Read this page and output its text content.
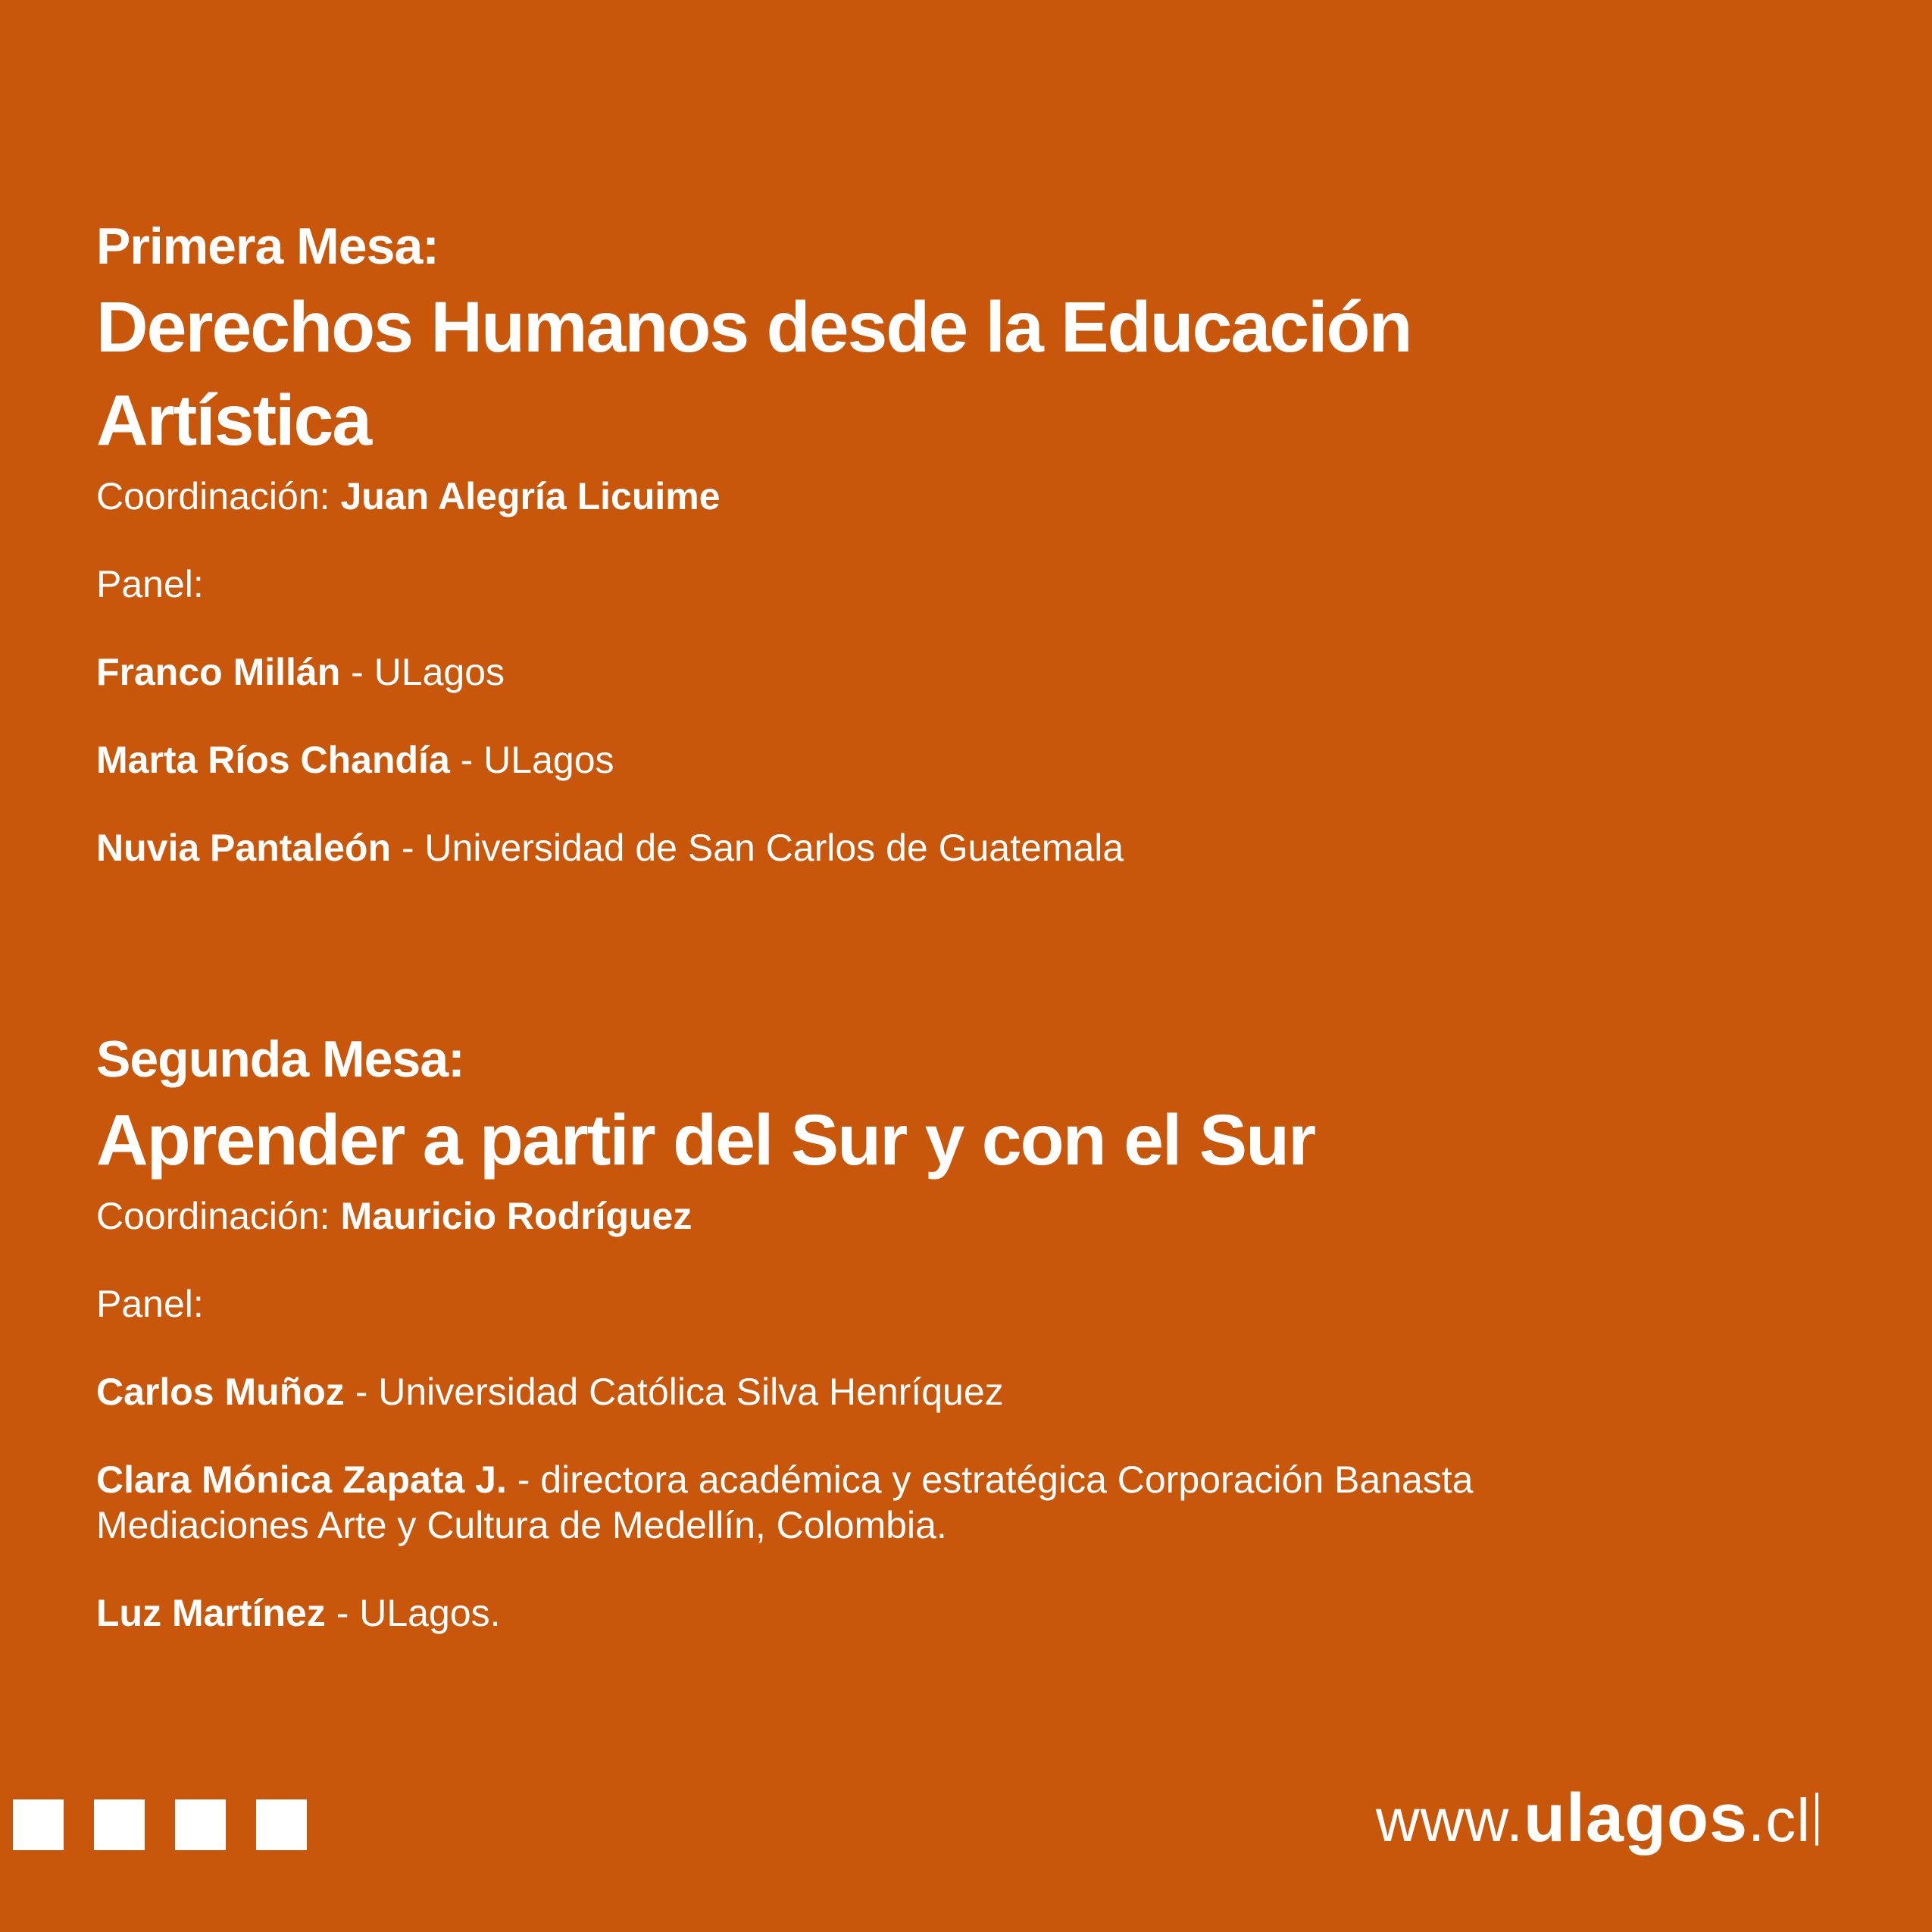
Primera Mesa:
Derechos Humanos desde la Educación
Artística
Coordinación: Juan Alegría Licuime
Panel:
Franco Millán - ULagos
Marta Ríos Chandía - ULagos
Nuvia Pantaleón - Universidad de San Carlos de Guatemala
Segunda Mesa:
Aprender a partir del Sur y con el Sur
Coordinación: Mauricio Rodríguez
Panel:
Carlos Muñoz - Universidad Católica Silva Henríquez
Clara Mónica Zapata J. - directora académica y estratégica Corporación Banasta
Mediaciones Arte y Cultura de Medellín, Colombia.
Luz Martínez - ULagos.
www.ulagos.cl
